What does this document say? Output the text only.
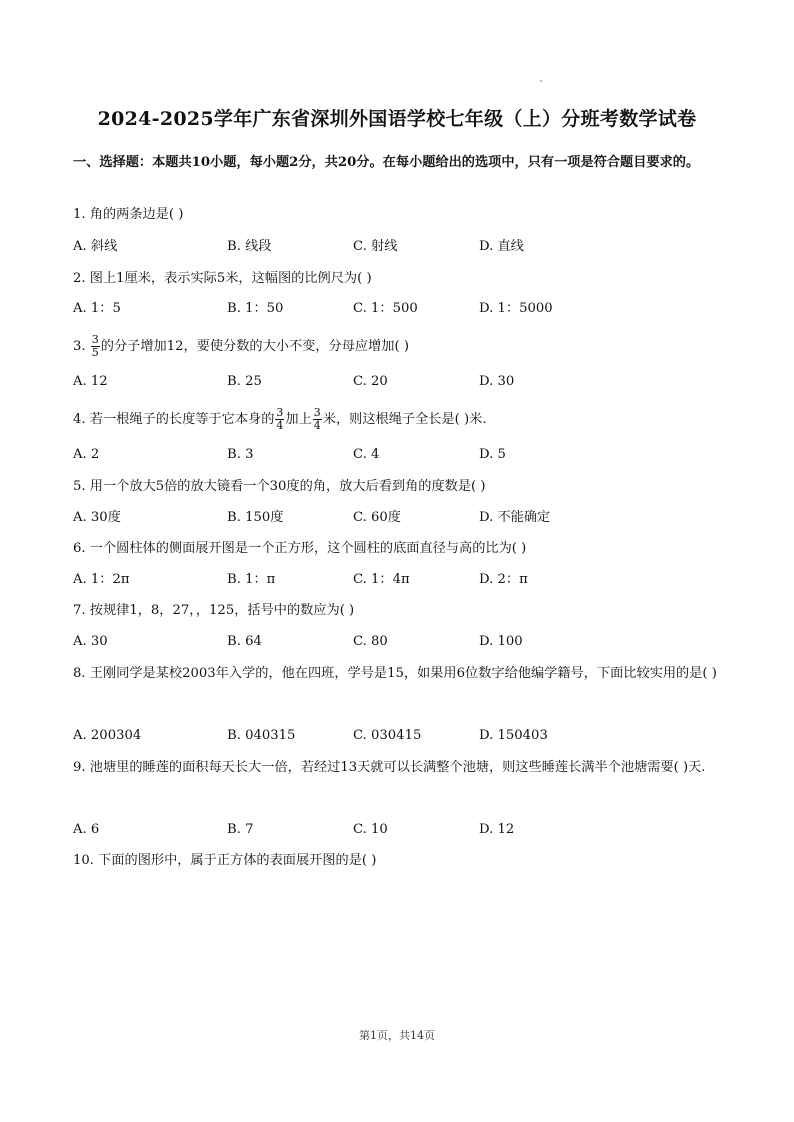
2024-2025学年广东省深圳外国语学校七年级（上）分班考数学试卷
一、选择题：本题共10小题，每小题2分，共20分。在每小题给出的选项中，只有一项是符合题目要求的。
1. 角的两条边是( )
A. 斜线	B. 线段	C. 射线	D. 直线
2. 图上1厘米，表示实际5米，这幅图的比例尺为( )
A. 1：5	B. 1：50	C. 1：500	D. 1：5000
3. $\frac{3}{5}$ 的分子增加12，要使分数的大小不变，分母应增加( )
A. 12	B. 25	C. 20	D. 30
4. 若一根绳子的长度等于它本身的 $\frac{3}{4}$ 加上 $\frac{3}{4}$ 米，则这根绳子全长是( )米.
A. 2	B. 3	C. 4	D. 5
5. 用一个放大5倍的放大镜看一个30度的角，放大后看到角的度数是( )
A. 30度	B. 150度	C. 60度	D. 不能确定
6. 一个圆柱体的侧面展开图是一个正方形，这个圆柱的底面直径与高的比为( )
A. 1：2π	B. 1：π	C. 1：4π	D. 2：π
7. 按规律1，8，27，，125，括号中的数应为( )
A. 30	B. 64	C. 80	D. 100
8. 王刚同学是某校2003年入学的，他在四班，学号是15，如果用6位数字给他编学籍号，下面比较实用的是( )
A. 200304	B. 040315	C. 030415	D. 150403
9. 池塘里的睡莲的面积每天长大一倍，若经过13天就可以长满整个池塘，则这些睡莲长满半个池塘需要( )天.
A. 6	B. 7	C. 10	D. 12
10. 下面的图形中，属于正方体的表面展开图的是( )
第1页，共14页
